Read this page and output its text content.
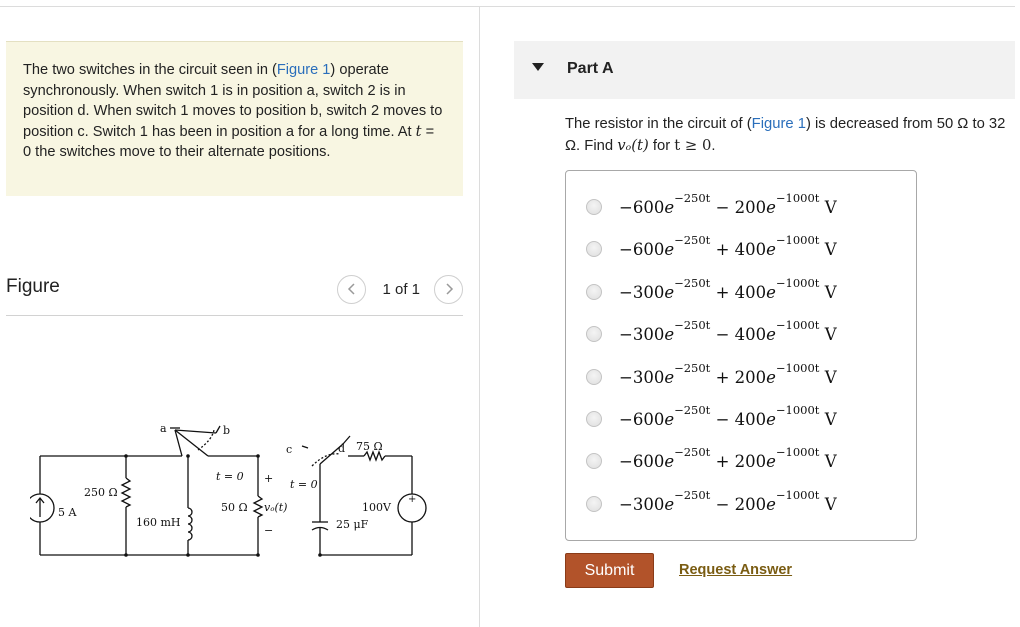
The two switches in the circuit seen in (Figure 1) operate synchronously. When switch 1 is in position a, switch 2 is in position d. When switch 1 moves to position b, switch 2 moves to position c. Switch 1 has been in position a for a long time. At t = 0 the switches move to their alternate positions.

Figure	1 of 1
a	b
c	d
250 Ω
5 A
160 mH
t = 0
50 Ω
+
vₒ(t)
−
t = 0
75 Ω
25 μF
100V
+
Part A

The resistor in the circuit of (Figure 1) is decreased from 50 Ω to 32 Ω. Find vₒ(t) for t ≥ 0.

$-600e^{-250t} - 200e^{-1000t}$ V
$-600e^{-250t} + 400e^{-1000t}$ V
$-300e^{-250t} + 400e^{-1000t}$ V
$-300e^{-250t} - 400e^{-1000t}$ V
$-300e^{-250t} + 200e^{-1000t}$ V
$-600e^{-250t} - 400e^{-1000t}$ V
$-600e^{-250t} + 200e^{-1000t}$ V
$-300e^{-250t} - 200e^{-1000t}$ V
Submit	Request Answer
